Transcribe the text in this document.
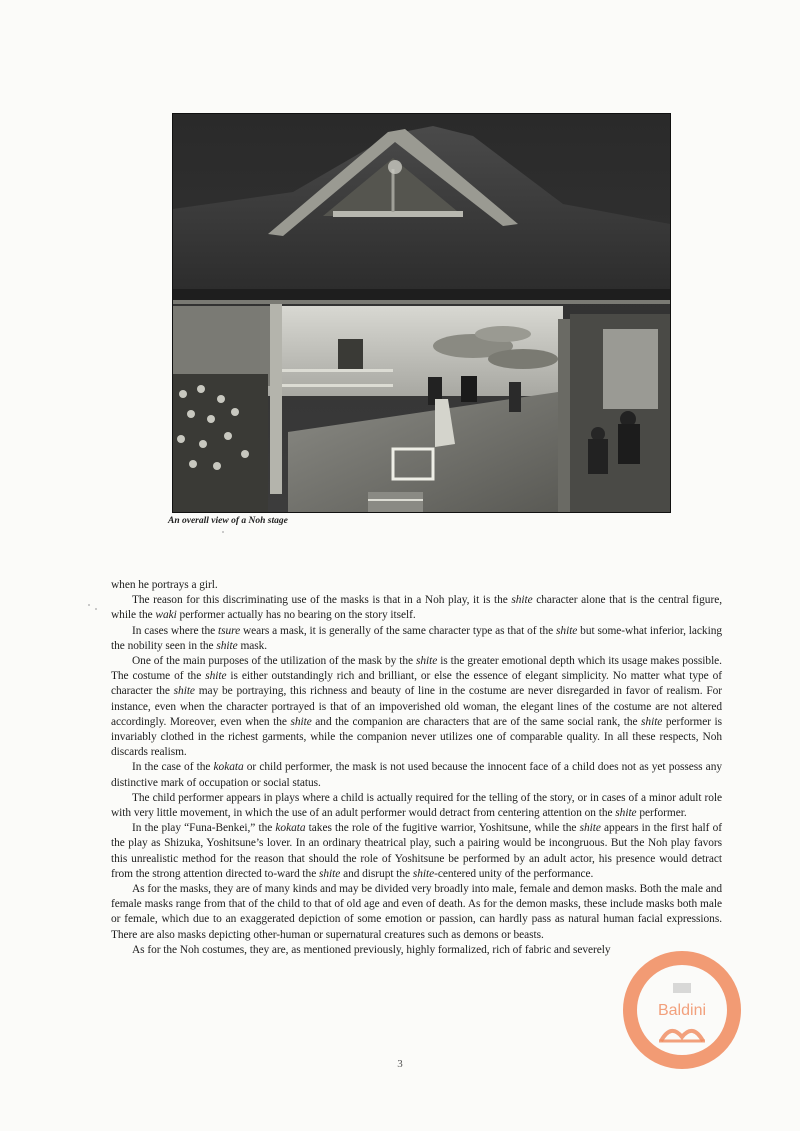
An overall view of a Noh stage

when he portrays a girl.

The reason for this discriminating use of the masks is that in a Noh play, it is the shite character alone that is the central figure, while the waki performer actually has no bearing on the story itself.

In cases where the tsure wears a mask, it is generally of the same character type as that of the shite but some-what inferior, lacking the nobility seen in the shite mask.

One of the main purposes of the utilization of the mask by the shite is the greater emotional depth which its usage makes possible. The costume of the shite is either outstandingly rich and brilliant, or else the essence of elegant simplicity. No matter what type of character the shite may be portraying, this richness and beauty of line in the costume are never disregarded in favor of realism. For instance, even when the character portrayed is that of an impoverished old woman, the elegant lines of the costume are not altered accordingly. Moreover, even when the shite and the companion are characters that are of the same social rank, the shite performer is invariably clothed in the richest garments, while the companion never utilizes one of comparable quality. In all these respects, Noh discards realism.

In the case of the kokata or child performer, the mask is not used because the innocent face of a child does not as yet possess any distinctive mark of occupation or social status.

The child performer appears in plays where a child is actually required for the telling of the story, or in cases of a minor adult role with very little movement, in which the use of an adult performer would detract from centering attention on the shite performer.

In the play “Funa-Benkei,” the kokata takes the role of the fugitive warrior, Yoshitsune, while the shite appears in the first half of the play as Shizuka, Yoshitsune’s lover. In an ordinary theatrical play, such a pairing would be incongruous. But the Noh play favors this unrealistic method for the reason that should the role of Yoshitsune be performed by an adult actor, his presence would detract from the strong attention directed to-ward the shite and disrupt the shite-centered unity of the performance.

As for the masks, they are of many kinds and may be divided very broadly into male, female and demon masks. Both the male and female masks range from that of the child to that of old age and even of death. As for the demon masks, these include masks both male or female, which due to an exaggerated depiction of some emotion or passion, can hardly pass as natural human facial expressions. There are also masks depicting other-human or supernatural creatures such as demons or beasts.

As for the Noh costumes, they are, as mentioned previously, highly formalized, rich of fabric and severely

3
Baldini
